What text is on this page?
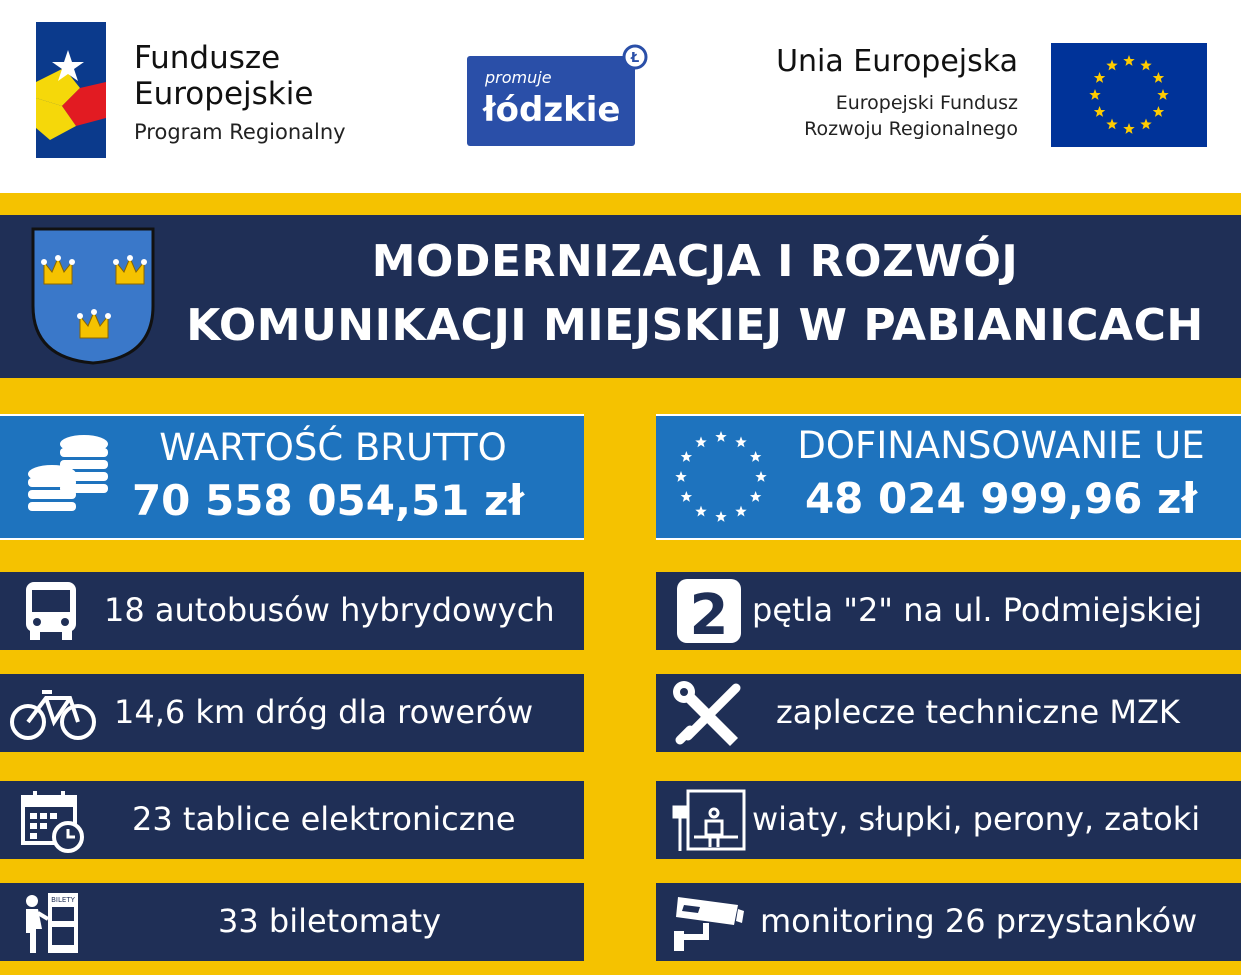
Fundusze
Europejskie
Program Regionalny
promuje
łódzkie
Ł	Unia Europejska
Europejski Fundusz
Rozwoju Regionalnego
MODERNIZACJA I ROZWÓJ
KOMUNIKACJI MIEJSKIEJ W PABIANICACH
WARTOŚĆ BRUTTO
70 558 054,51 zł
DOFINANSOWANIE UE
48 024 999,96 zł
18 autobusów hybrydowych
14,6 km dróg dla rowerów
23 tablice elektroniczne
BILETY
33 biletomaty
2 pętla "2" na ul. Podmiejskiej
zaplecze techniczne MZK
wiaty, słupki, perony, zatoki
monitoring 26 przystanków
